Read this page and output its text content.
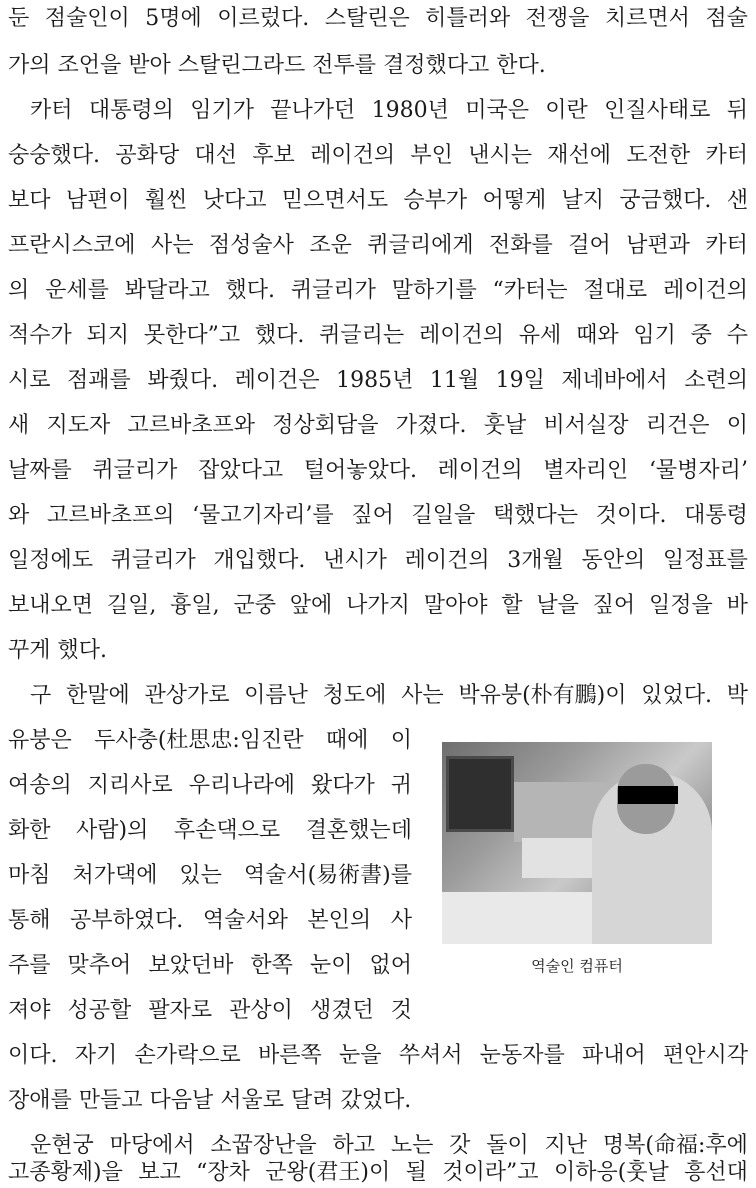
둔 점술인이 5명에 이르렀다. 스탈린은 히틀러와 전쟁을 치르면서 점술
가의 조언을 받아 스탈린그라드 전투를 결정했다고 한다.
카터 대통령의 임기가 끝나가던 1980년 미국은 이란 인질사태로 뒤
숭숭했다. 공화당 대선 후보 레이건의 부인 낸시는 재선에 도전한 카터
보다 남편이 훨씬 낫다고 믿으면서도 승부가 어떻게 날지 궁금했다. 샌
프란시스코에 사는 점성술사 조운 퀴글리에게 전화를 걸어 남편과 카터
의 운세를 봐달라고 했다. 퀴글리가 말하기를 “카터는 절대로 레이건의
적수가 되지 못한다”고 했다. 퀴글리는 레이건의 유세 때와 임기 중 수
시로 점괘를 봐줬다. 레이건은 1985년 11월 19일 제네바에서 소련의
새 지도자 고르바초프와 정상회담을 가졌다. 훗날 비서실장 리건은 이
날짜를 퀴글리가 잡았다고 털어놓았다. 레이건의 별자리인 ‘물병자리’
와 고르바초프의 ‘물고기자리’를 짚어 길일을 택했다는 것이다. 대통령
일정에도 퀴글리가 개입했다. 낸시가 레이건의 3개월 동안의 일정표를
보내오면 길일, 흉일, 군중 앞에 나가지 말아야 할 날을 짚어 일정을 바
꾸게 했다.
구 한말에 관상가로 이름난 청도에 사는 박유붕(朴有鵬)이 있었다. 박
유붕은 두사충(杜思忠:임진란 때에 이
여송의 지리사로 우리나라에 왔다가 귀
화한 사람)의 후손댁으로 결혼했는데
마침 처가댁에 있는 역술서(易術書)를
통해 공부하였다. 역술서와 본인의 사
주를 맞추어 보았던바 한쪽 눈이 없어
져야 성공할 팔자로 관상이 생겼던 것
이다. 자기 손가락으로 바른쪽 눈을 쑤셔서 눈동자를 파내어 편안시각
장애를 만들고 다음날 서울로 달려 갔었다.
운현궁 마당에서 소꿉장난을 하고 노는 갓 돌이 지난 명복(命福:후에
고종황제)을 보고 “장차 군왕(君王)이 될 것이라”고 이하응(훗날 흥선대
역술인 컴퓨터
